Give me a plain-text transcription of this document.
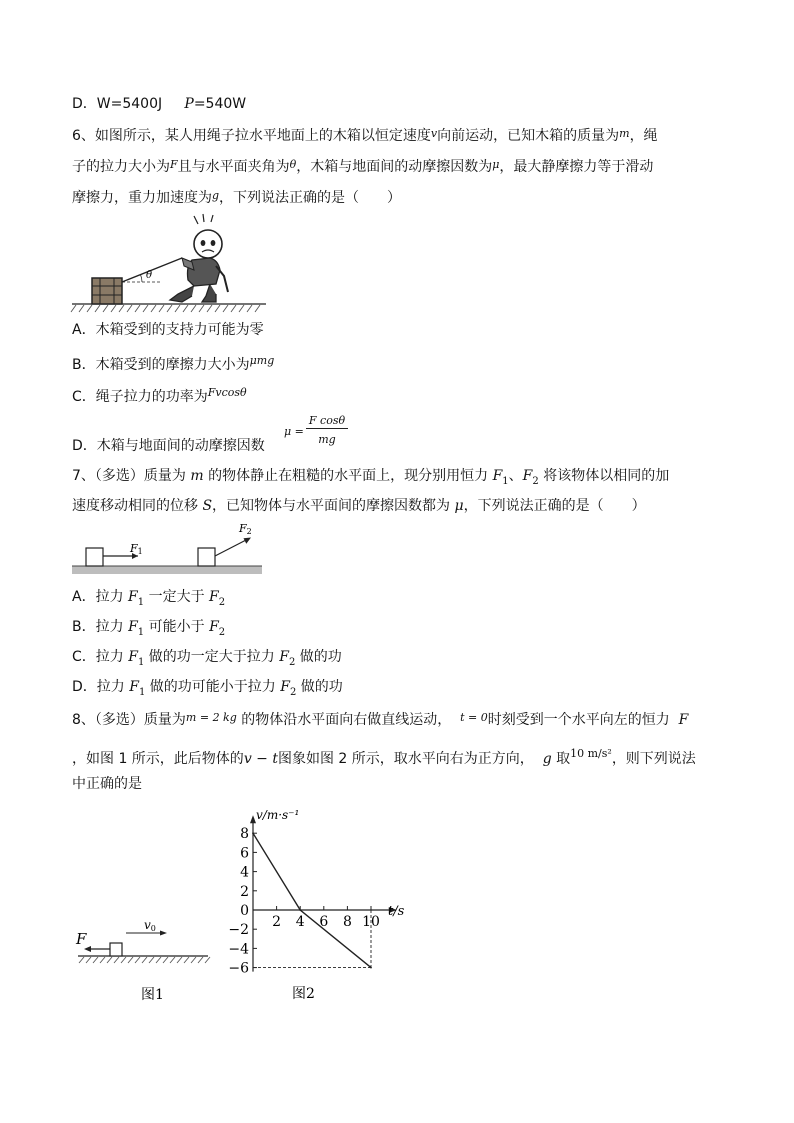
D．W=5400J P=540W
6、如图所示，某人用绳子拉水平地面上的木箱以恒定速度$^v$向前运动，已知木箱的质量为$^m$，绳
子的拉力大小为$^F$且与水平面夹角为$^\theta$，木箱与地面间的动摩擦因数为$^\mu$，最大静摩擦力等于滑动
摩擦力，重力加速度为$^g$，下列说法正确的是（　　）
θ
A．木箱受到的支持力可能为零
B．木箱受到的摩擦力大小为$^{\mu mg}$
C．绳子拉力的功率为$^{Fvcos\theta}$
D．木箱与地面间的动摩擦因数
μ =
F cosθ
mg
7、（多选）质量为 m 的物体静止在粗糙的水平面上，现分别用恒力 $F_1$、$F_2$ 将该物体以相同的加
速度移动相同的位移 S，已知物体与水平面间的摩擦因数都为 μ，下列说法正确的是（　　）
F1
F2
A．拉力 $F_1$ 一定大于 $F_2$
B．拉力 $F_1$ 可能小于 $F_2$
C．拉力 $F_1$ 做的功一定大于拉力 $F_2$ 做的功
D．拉力 $F_1$ 做的功可能小于拉力 $F_2$ 做的功
8、（多选）质量为$^{m = 2 kg}$ 的物体沿水平面向右做直线运动， $^{t = 0}$时刻受到一个水平向左的恒力 F
，如图 1 所示，此后物体的v − t图象如图 2 所示，取水平向右为正方向， g 取$^{10 m/s^2}$，则下列说法
中正确的是
F
v0
图1
8
6
4
2
0
−2
−4
−6
2 4 6 8 10
v/m·s⁻¹
t/s
图2
